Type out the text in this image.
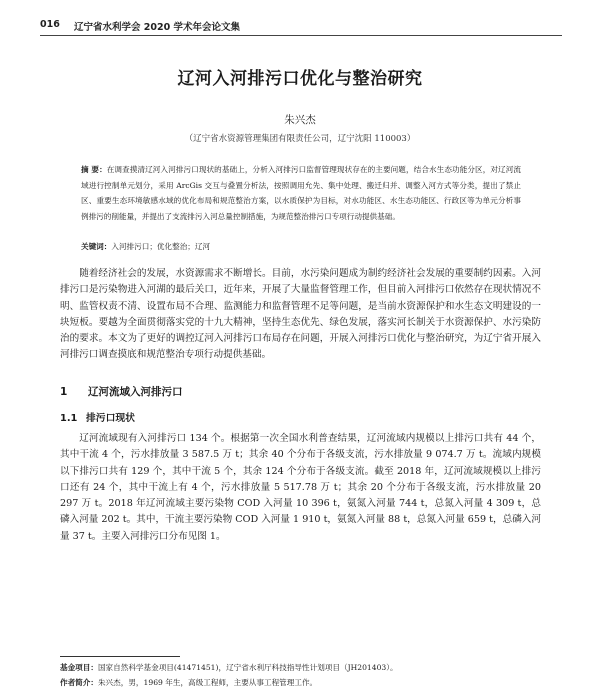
016 辽宁省水利学会 2020 学术年会论文集
辽河入河排污口优化与整治研究
朱兴杰
（辽宁省水资源管理集团有限责任公司，辽宁沈阳 110003）
摘 要：在调查摸清辽河入河排污口现状的基础上，分析入河排污口监督管理现状存在的主要问题，结合水生态功能分区，对辽河流域进行控制单元划分，采用 ArcGis 交互与叠置分析法，按照调用允先、集中处理、搬迁归并、调整入河方式等分类，提出了禁止区、重要生态环境敏感水域的优化布局和规范整治方案，以水质保护为目标，对水功能区、水生态功能区、行政区等为单元分析事例排污的削能量，并提出了支流排污入河总量控制措施，为规范整治排污口专项行动提供基础。
关键词：入河排污口；优化整治；辽河
随着经济社会的发展，水资源需求不断增长。目前，水污染问题成为制约经济社会发展的重要制约因素。入河排污口是污染物进入河湖的最后关口，近年来，开展了大量监督管理工作，但目前入河排污口依然存在现状情况不明、监管权责不清、设置布局不合理、监测能力和监督管理不足等问题，是当前水资源保护和水生态文明建设的一块短板。要越为全面贯彻落实党的十九大精神，坚持生态优先、绿色发展，落实河长制关于水资源保护、水污染防治的要求。本文为了更好的调控辽河入河排污口布局存在问题，开展入河排污口优化与整治研究，为辽宁省开展入河排污口调查摸底和规范整治专项行动提供基础。
1 辽河流域入河排污口
1.1 排污口现状
辽河流域现有入河排污口 134 个。根据第一次全国水利普查结果，辽河流域内规模以上排污口共有 44 个，其中干流 4 个，污水排放量 3 587.5 万 t；其余 40 个分布于各级支流，污水排放量 9 074.7 万 t。流域内规模以下排污口共有 129 个，其中干流 5 个，其余 124 个分布于各级支流。截至 2018 年，辽河流域规模以上排污口还有 24 个，其中干流上有 4 个，污水排放量 5 517.78 万 t；其余 20 个分布于各级支流，污水排放量 20 297 万 t。2018 年辽河流域主要污染物 COD 入河量 10 396 t，氨氮入河量 744 t，总氮入河量 4 309 t，总磷入河量 202 t。其中，干流主要污染物 COD 入河量 1 910 t，氨氮入河量 88 t，总氮入河量 659 t，总磷入河量 37 t。主要入河排污口分布见图 1。
基金项目：国家自然科学基金项目(41471451)，辽宁省水利厅科技指导性计划项目（JH201403）。
作者简介：朱兴杰，男，1969 年生，高级工程师，主要从事工程管理工作。
